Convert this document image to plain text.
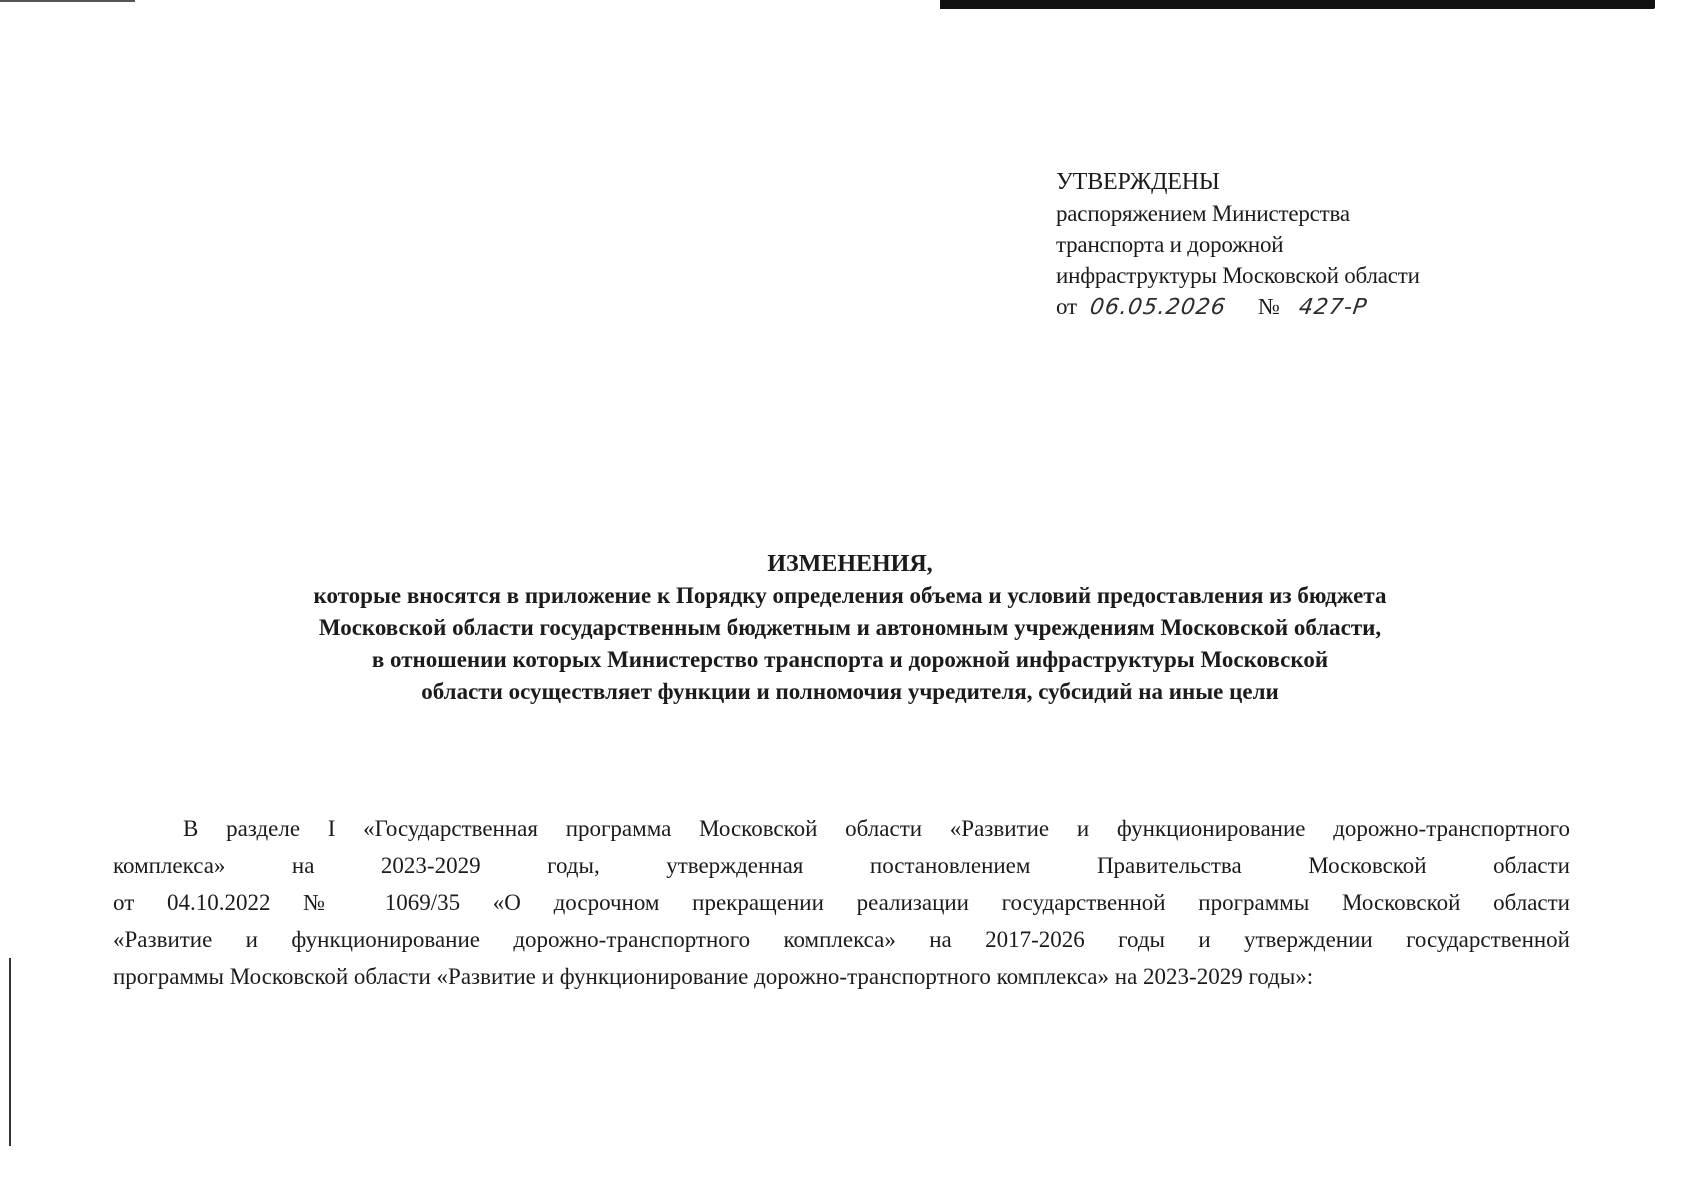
УТВЕРЖДЕНЫ
распоряжением Министерства
транспорта и дорожной
инфраструктуры Московской области
от 06.05.2026 № 427-Р
ИЗМЕНЕНИЯ,
которые вносятся в приложение к Порядку определения объема и условий предоставления из бюджета
Московской области государственным бюджетным и автономным учреждениям Московской области,
в отношении которых Министерство транспорта и дорожной инфраструктуры Московской
области осуществляет функции и полномочия учредителя, субсидий на иные цели
В разделе I «Государственная программа Московской области «Развитие и функционирование дорожно-транспортного
комплекса» на 2023-2029 годы, утвержденная постановлением Правительства Московской области
от 04.10.2022 № 1069/35 «О досрочном прекращении реализации государственной программы Московской области
«Развитие и функционирование дорожно-транспортного комплекса» на 2017-2026 годы и утверждении государственной
программы Московской области «Развитие и функционирование дорожно-транспортного комплекса» на 2023-2029 годы»:
